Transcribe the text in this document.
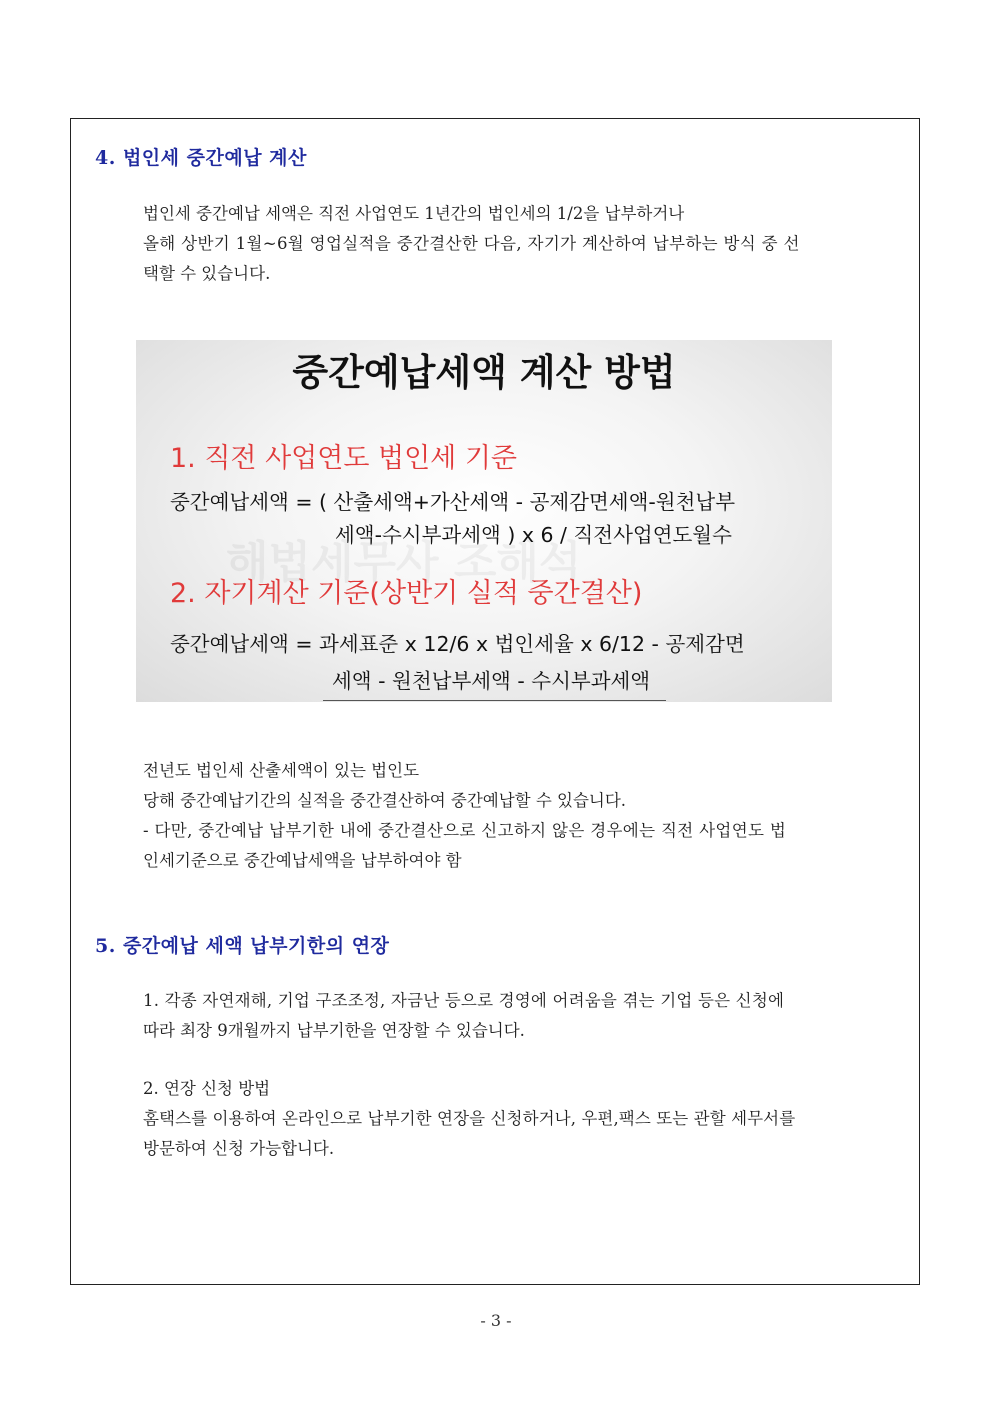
4. 법인세 중간예납 계산
법인세 중간예납 세액은 직전 사업연도 1년간의 법인세의 1/2을 납부하거나
올해 상반기 1월~6월 영업실적을 중간결산한 다음, 자기가 계산하여 납부하는 방식 중 선
택할 수 있습니다.
중간예납세액 계산 방법
해법세무사 조해석
1. 직전 사업연도 법인세 기준
중간예납세액 = ( 산출세액+가산세액 - 공제감면세액-원천납부
세액-수시부과세액 ) x 6 / 직전사업연도월수
2. 자기계산 기준(상반기 실적 중간결산)
중간예납세액 = 과세표준 x 12/6 x 법인세율 x 6/12 - 공제감면
세액 - 원천납부세액 - 수시부과세액
전년도 법인세 산출세액이 있는 법인도
당해 중간예납기간의 실적을 중간결산하여 중간예납할 수 있습니다.
- 다만, 중간예납 납부기한 내에 중간결산으로 신고하지 않은 경우에는 직전 사업연도 법
인세기준으로 중간예납세액을 납부하여야 함
5. 중간예납 세액 납부기한의 연장
1. 각종 자연재해, 기업 구조조정, 자금난 등으로 경영에 어려움을 겪는 기업 등은 신청에
따라 최장 9개월까지 납부기한을 연장할 수 있습니다.
2. 연장 신청 방법
홈택스를 이용하여 온라인으로 납부기한 연장을 신청하거나, 우편,팩스 또는 관할 세무서를
방문하여 신청 가능합니다.
- 3 -
